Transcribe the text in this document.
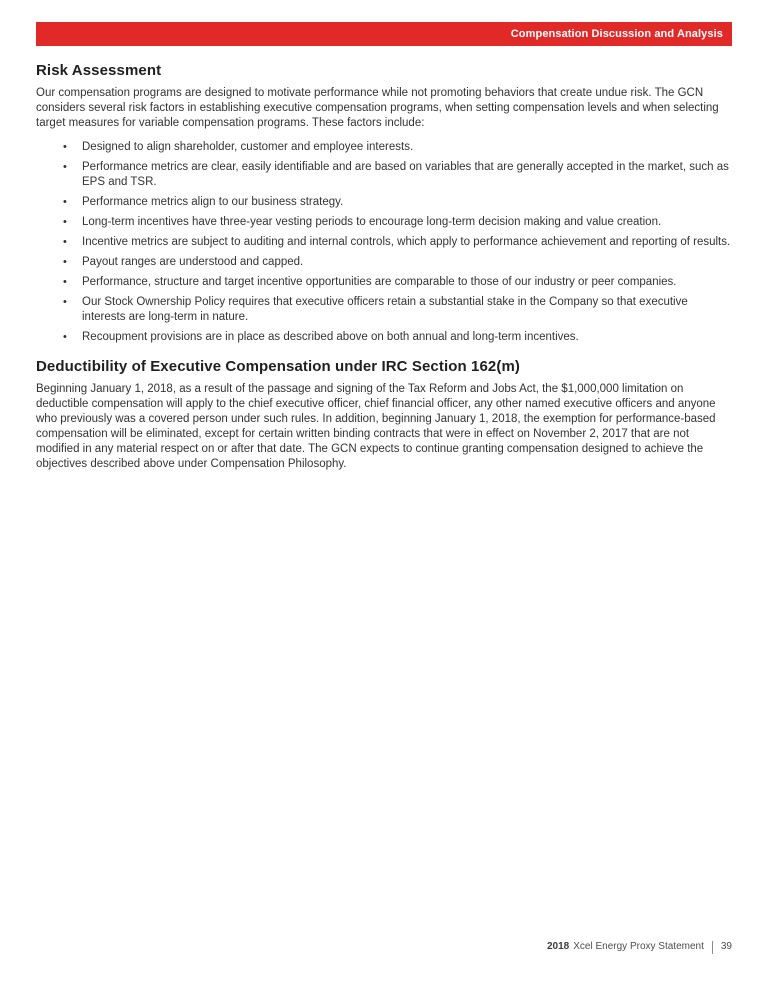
Compensation Discussion and Analysis
Risk Assessment

Our compensation programs are designed to motivate performance while not promoting behaviors that create undue risk. The GCN considers several risk factors in establishing executive compensation programs, when setting compensation levels and when selecting target measures for variable compensation programs. These factors include:

• Designed to align shareholder, customer and employee interests.
• Performance metrics are clear, easily identifiable and are based on variables that are generally accepted in the market, such as EPS and TSR.
• Performance metrics align to our business strategy.
• Long-term incentives have three-year vesting periods to encourage long-term decision making and value creation.
• Incentive metrics are subject to auditing and internal controls, which apply to performance achievement and reporting of results.
• Payout ranges are understood and capped.
• Performance, structure and target incentive opportunities are comparable to those of our industry or peer companies.
• Our Stock Ownership Policy requires that executive officers retain a substantial stake in the Company so that executive interests are long-term in nature.
• Recoupment provisions are in place as described above on both annual and long-term incentives.
Deductibility of Executive Compensation under IRC Section 162(m)

Beginning January 1, 2018, as a result of the passage and signing of the Tax Reform and Jobs Act, the $1,000,000 limitation on deductible compensation will apply to the chief executive officer, chief financial officer, any other named executive officers and anyone who previously was a covered person under such rules. In addition, beginning January 1, 2018, the exemption for performance-based compensation will be eliminated, except for certain written binding contracts that were in effect on November 2, 2017 that are not modified in any material respect on or after that date. The GCN expects to continue granting compensation designed to achieve the objectives described above under Compensation Philosophy.

2018 Xcel Energy Proxy Statement 39
